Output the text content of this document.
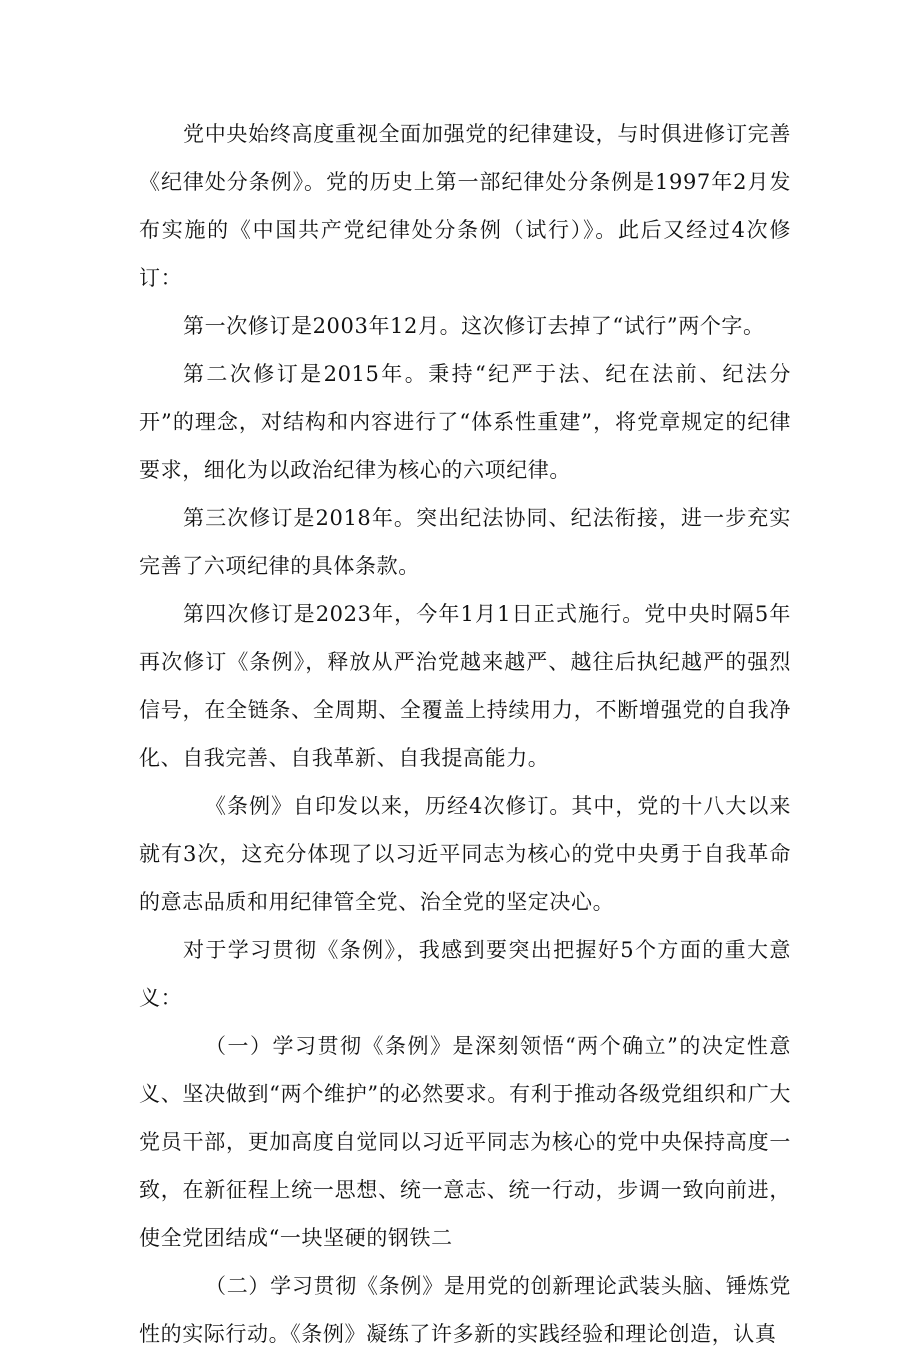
党中央始终高度重视全面加强党的纪律建设，与时俱进修订完善《纪律处分条例》。党的历史上第一部纪律处分条例是1997年2月发布实施的《中国共产党纪律处分条例（试行）》。此后又经过4次修订：

第一次修订是2003年12月。这次修订去掉了“试行”两个字。

第二次修订是2015年。秉持“纪严于法、纪在法前、纪法分开”的理念，对结构和内容进行了“体系性重建”，将党章规定的纪律要求，细化为以政治纪律为核心的六项纪律。

第三次修订是2018年。突出纪法协同、纪法衔接，进一步充实完善了六项纪律的具体条款。

第四次修订是2023年，今年1月1日正式施行。党中央时隔5年再次修订《条例》，释放从严治党越来越严、越往后执纪越严的强烈信号，在全链条、全周期、全覆盖上持续用力，不断增强党的自我净化、自我完善、自我革新、自我提高能力。

《条例》自印发以来，历经4次修订。其中，党的十八大以来就有3次，这充分体现了以习近平同志为核心的党中央勇于自我革命的意志品质和用纪律管全党、治全党的坚定决心。

对于学习贯彻《条例》，我感到要突出把握好5个方面的重大意义：

（一）学习贯彻《条例》是深刻领悟“两个确立”的决定性意义、坚决做到“两个维护”的必然要求。有利于推动各级党组织和广大党员干部，更加高度自觉同以习近平同志为核心的党中央保持高度一致，在新征程上统一思想、统一意志、统一行动，步调一致向前进，使全党团结成“一块坚硬的钢铁二

（二）学习贯彻《条例》是用党的创新理论武装头脑、锤炼党性的实际行动。《条例》凝练了许多新的实践经验和理论创造，认真
